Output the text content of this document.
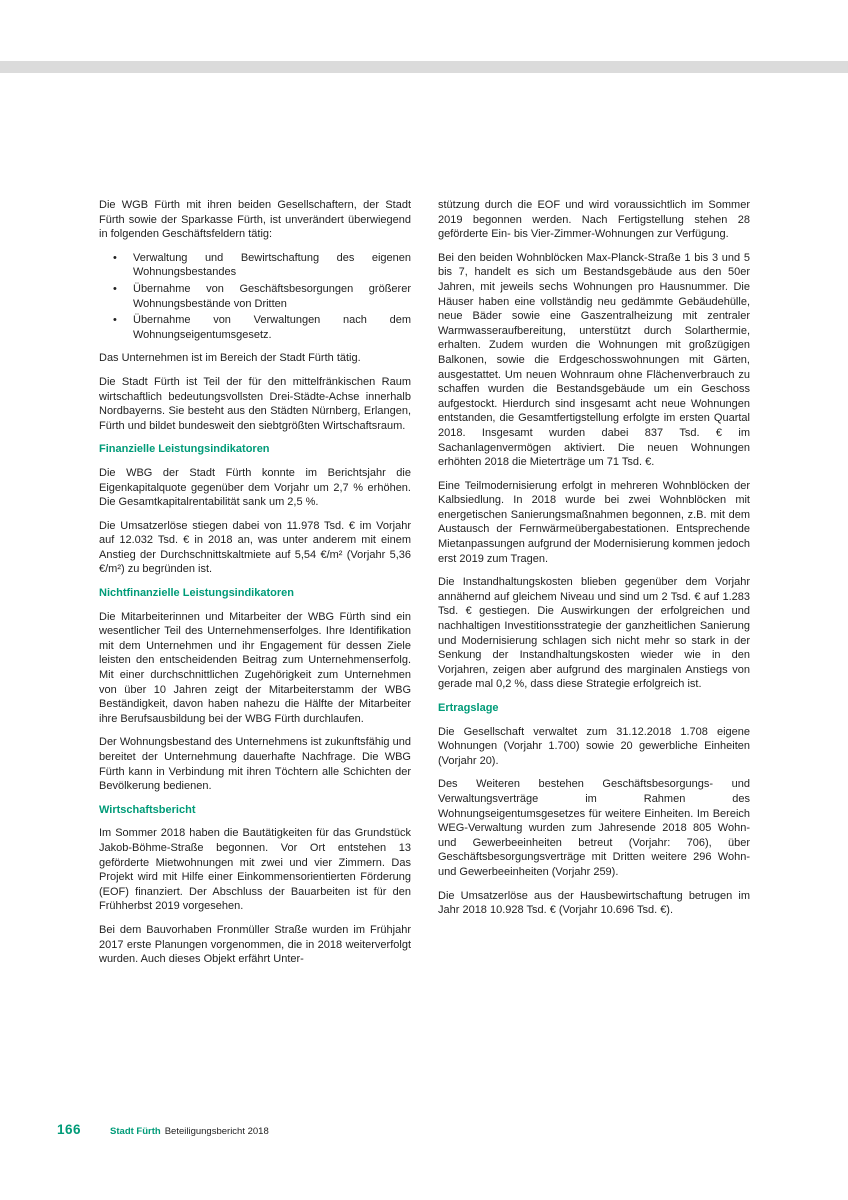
Die WGB Fürth mit ihren beiden Gesellschaftern, der Stadt Fürth sowie der Sparkasse Fürth, ist unverändert überwiegend in folgenden Geschäftsfeldern tätig:

• Verwaltung und Bewirtschaftung des eigenen Wohnungsbestandes
• Übernahme von Geschäftsbesorgungen größerer Wohnungsbestände von Dritten
• Übernahme von Verwaltungen nach dem Wohnungseigentumsgesetz.

Das Unternehmen ist im Bereich der Stadt Fürth tätig.

Die Stadt Fürth ist Teil der für den mittelfränkischen Raum wirtschaftlich bedeutungsvollsten Drei-Städte-Achse innerhalb Nordbayerns. Sie besteht aus den Städten Nürnberg, Erlangen, Fürth und bildet bundesweit den siebtgrößten Wirtschaftsraum.

Finanzielle Leistungsindikatoren

Die WBG der Stadt Fürth konnte im Berichtsjahr die Eigenkapitalquote gegenüber dem Vorjahr um 2,7 % erhöhen. Die Gesamtkapitalrentabilität sank um 2,5 %.

Die Umsatzerlöse stiegen dabei von 11.978 Tsd. € im Vorjahr auf 12.032 Tsd. € in 2018 an, was unter anderem mit einem Anstieg der Durchschnittskaltmiete auf 5,54 €/m² (Vorjahr 5,36 €/m²) zu begründen ist.

Nichtfinanzielle Leistungsindikatoren

Die Mitarbeiterinnen und Mitarbeiter der WBG Fürth sind ein wesentlicher Teil des Unternehmenserfolges. Ihre Identifikation mit dem Unternehmen und ihr Engagement für dessen Ziele leisten den entscheidenden Beitrag zum Unternehmenserfolg. Mit einer durchschnittlichen Zugehörigkeit zum Unternehmen von über 10 Jahren zeigt der Mitarbeiterstamm der WBG Beständigkeit, davon haben nahezu die Hälfte der Mitarbeiter ihre Berufsausbildung bei der WBG Fürth durchlaufen.

Der Wohnungsbestand des Unternehmens ist zukunftsfähig und bereitet der Unternehmung dauerhafte Nachfrage. Die WBG Fürth kann in Verbindung mit ihren Töchtern alle Schichten der Bevölkerung bedienen.

Wirtschaftsbericht

Im Sommer 2018 haben die Bautätigkeiten für das Grundstück Jakob-Böhme-Straße begonnen. Vor Ort entstehen 13 geförderte Mietwohnungen mit zwei und vier Zimmern. Das Projekt wird mit Hilfe einer Einkommensorientierten Förderung (EOF) finanziert. Der Abschluss der Bauarbeiten ist für den Frühherbst 2019 vorgesehen.

Bei dem Bauvorhaben Fronmüller Straße wurden im Frühjahr 2017 erste Planungen vorgenommen, die in 2018 weiterverfolgt wurden. Auch dieses Objekt erfährt Unter-

stützung durch die EOF und wird voraussichtlich im Sommer 2019 begonnen werden. Nach Fertigstellung stehen 28 geförderte Ein- bis Vier-Zimmer-Wohnungen zur Verfügung.

Bei den beiden Wohnblöcken Max-Planck-Straße 1 bis 3 und 5 bis 7, handelt es sich um Bestandsgebäude aus den 50er Jahren, mit jeweils sechs Wohnungen pro Hausnummer. Die Häuser haben eine vollständig neu gedämmte Gebäudehülle, neue Bäder sowie eine Gaszentralheizung mit zentraler Warmwasseraufbereitung, unterstützt durch Solarthermie, erhalten. Zudem wurden die Wohnungen mit großzügigen Balkonen, sowie die Erdgeschosswohnungen mit Gärten, ausgestattet. Um neuen Wohnraum ohne Flächenverbrauch zu schaffen wurden die Bestandsgebäude um ein Geschoss aufgestockt. Hierdurch sind insgesamt acht neue Wohnungen entstanden, die Gesamtfertigstellung erfolgte im ersten Quartal 2018. Insgesamt wurden dabei 837 Tsd. € im Sachanlagenvermögen aktiviert. Die neuen Wohnungen erhöhten 2018 die Mieterträge um 71 Tsd. €.

Eine Teilmodernisierung erfolgt in mehreren Wohnblöcken der Kalbsiedlung. In 2018 wurde bei zwei Wohnblöcken mit energetischen Sanierungsmaßnahmen begonnen, z.B. mit dem Austausch der Fernwärmeübergabestationen. Entsprechende Mietanpassungen aufgrund der Modernisierung kommen jedoch erst 2019 zum Tragen.

Die Instandhaltungskosten blieben gegenüber dem Vorjahr annähernd auf gleichem Niveau und sind um 2 Tsd. € auf 1.283 Tsd. € gestiegen. Die Auswirkungen der erfolgreichen und nachhaltigen Investitionsstrategie der ganzheitlichen Sanierung und Modernisierung schlagen sich nicht mehr so stark in der Senkung der Instandhaltungskosten wieder wie in den Vorjahren, zeigen aber aufgrund des marginalen Anstiegs von gerade mal 0,2 %, dass diese Strategie erfolgreich ist.

Ertragslage

Die Gesellschaft verwaltet zum 31.12.2018 1.708 eigene Wohnungen (Vorjahr 1.700) sowie 20 gewerbliche Einheiten (Vorjahr 20).

Des Weiteren bestehen Geschäftsbesorgungs- und Verwaltungsverträge im Rahmen des Wohnungseigentumsgesetzes für weitere Einheiten. Im Bereich WEG-Verwaltung wurden zum Jahresende 2018 805 Wohn- und Gewerbeeinheiten betreut (Vorjahr: 706), über Geschäftsbesorgungsverträge mit Dritten weitere 296 Wohn- und Gewerbeeinheiten (Vorjahr 259).

Die Umsatzerlöse aus der Hausbewirtschaftung betrugen im Jahr 2018 10.928 Tsd. € (Vorjahr 10.696 Tsd. €).

166	Stadt Fürth Beteiligungsbericht 2018
